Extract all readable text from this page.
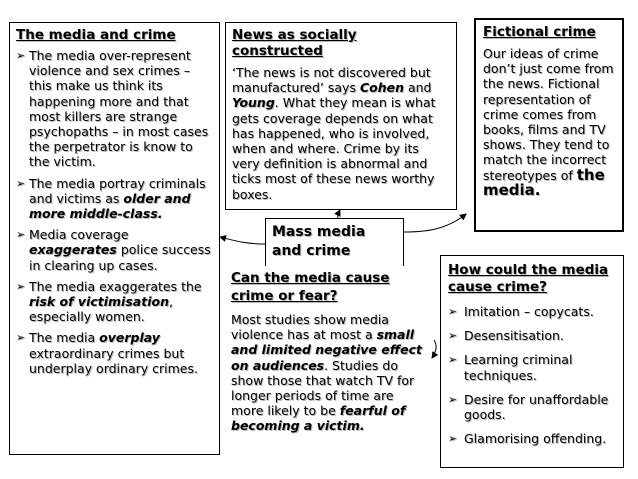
The media and crime
➢ The media over-represent violence and sex crimes – this make us think its happening more and that most killers are strange psychopaths – in most cases the perpetrator is know to the victim.
➢ The media portray criminals and victims as older and more middle-class.
➢ Media coverage exaggerates police success in clearing up cases.
➢ The media exaggerates the risk of victimisation, especially women.
➢ The media overplay extraordinary crimes but underplay ordinary crimes.
News as socially constructed
‘The news is not discovered but manufactured’ says Cohen and Young. What they mean is what gets coverage depends on what has happened, who is involved, when and where. Crime by its very definition is abnormal and ticks most of these news worthy boxes.
Fictional crime
Our ideas of crime don’t just come from the news. Fictional representation of crime comes from books, films and TV shows. They tend to match the incorrect stereotypes of the media.
Mass media and crime
Can the media cause crime or fear?
Most studies show media violence has at most a small and limited negative effect on audiences. Studies do show those that watch TV for longer periods of time are more likely to be fearful of becoming a victim.
How could the media cause crime?
➢ Imitation – copycats.
➢ Desensitisation.
➢ Learning criminal techniques.
➢ Desire for unaffordable goods.
➢ Glamorising offending.
